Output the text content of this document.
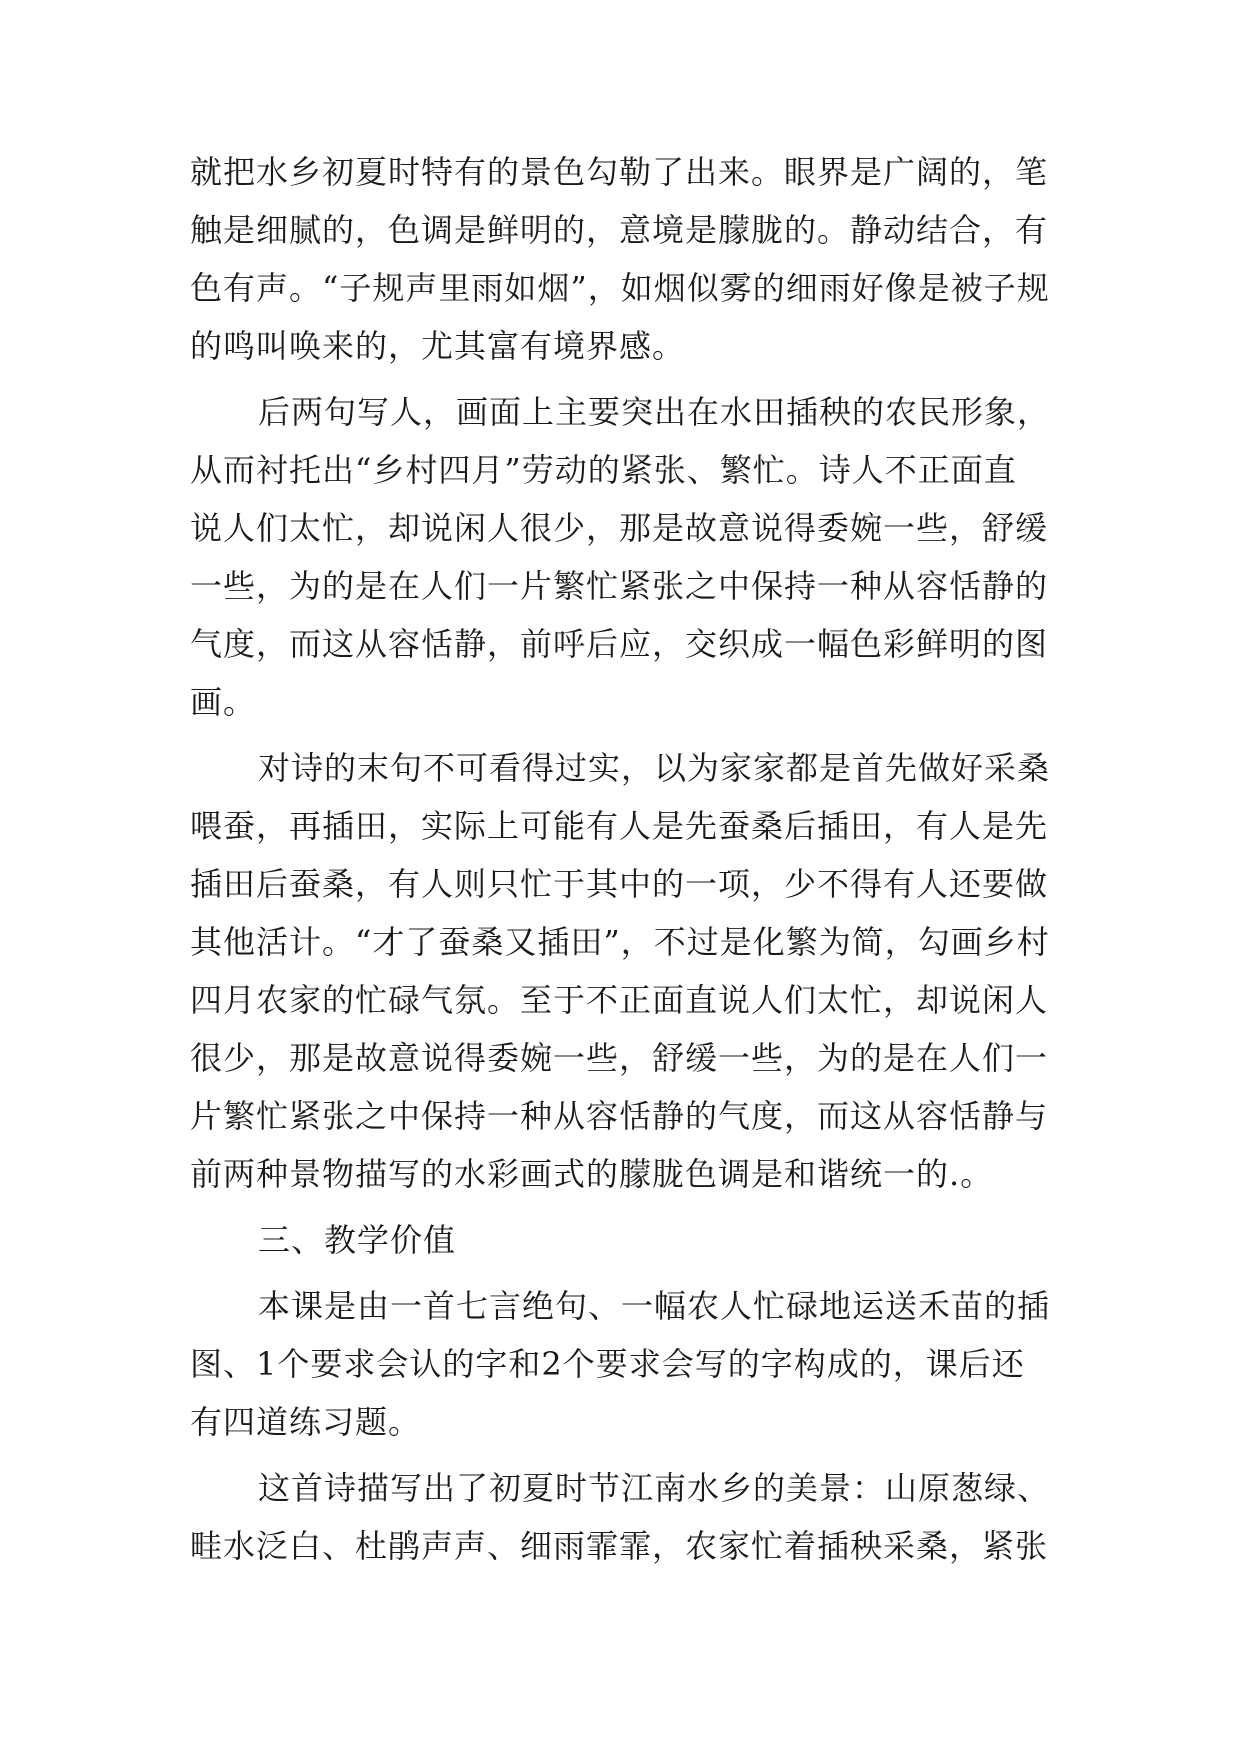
就把水乡初夏时特有的景色勾勒了出来。眼界是广阔的，笔
触是细腻的，色调是鲜明的，意境是朦胧的。静动结合，有
色有声。“子规声里雨如烟”，如烟似雾的细雨好像是被子规
的鸣叫唤来的，尤其富有境界感。
后两句写人，画面上主要突出在水田插秧的农民形象，
从而衬托出“乡村四月”劳动的紧张、繁忙。诗人不正面直
说人们太忙，却说闲人很少，那是故意说得委婉一些，舒缓
一些，为的是在人们一片繁忙紧张之中保持一种从容恬静的
气度，而这从容恬静，前呼后应，交织成一幅色彩鲜明的图
画。
对诗的末句不可看得过实，以为家家都是首先做好采桑
喂蚕，再插田，实际上可能有人是先蚕桑后插田，有人是先
插田后蚕桑，有人则只忙于其中的一项，少不得有人还要做
其他活计。“才了蚕桑又插田”，不过是化繁为简，勾画乡村
四月农家的忙碌气氛。至于不正面直说人们太忙，却说闲人
很少，那是故意说得委婉一些，舒缓一些，为的是在人们一
片繁忙紧张之中保持一种从容恬静的气度，而这从容恬静与
前两种景物描写的水彩画式的朦胧色调是和谐统一的.。
三、教学价值
本课是由一首七言绝句、一幅农人忙碌地运送禾苗的插
图、1个要求会认的字和2个要求会写的字构成的，课后还
有四道练习题。
这首诗描写出了初夏时节江南水乡的美景：山原葱绿、
畦水泛白、杜鹃声声、细雨霏霏，农家忙着插秧采桑，紧张
